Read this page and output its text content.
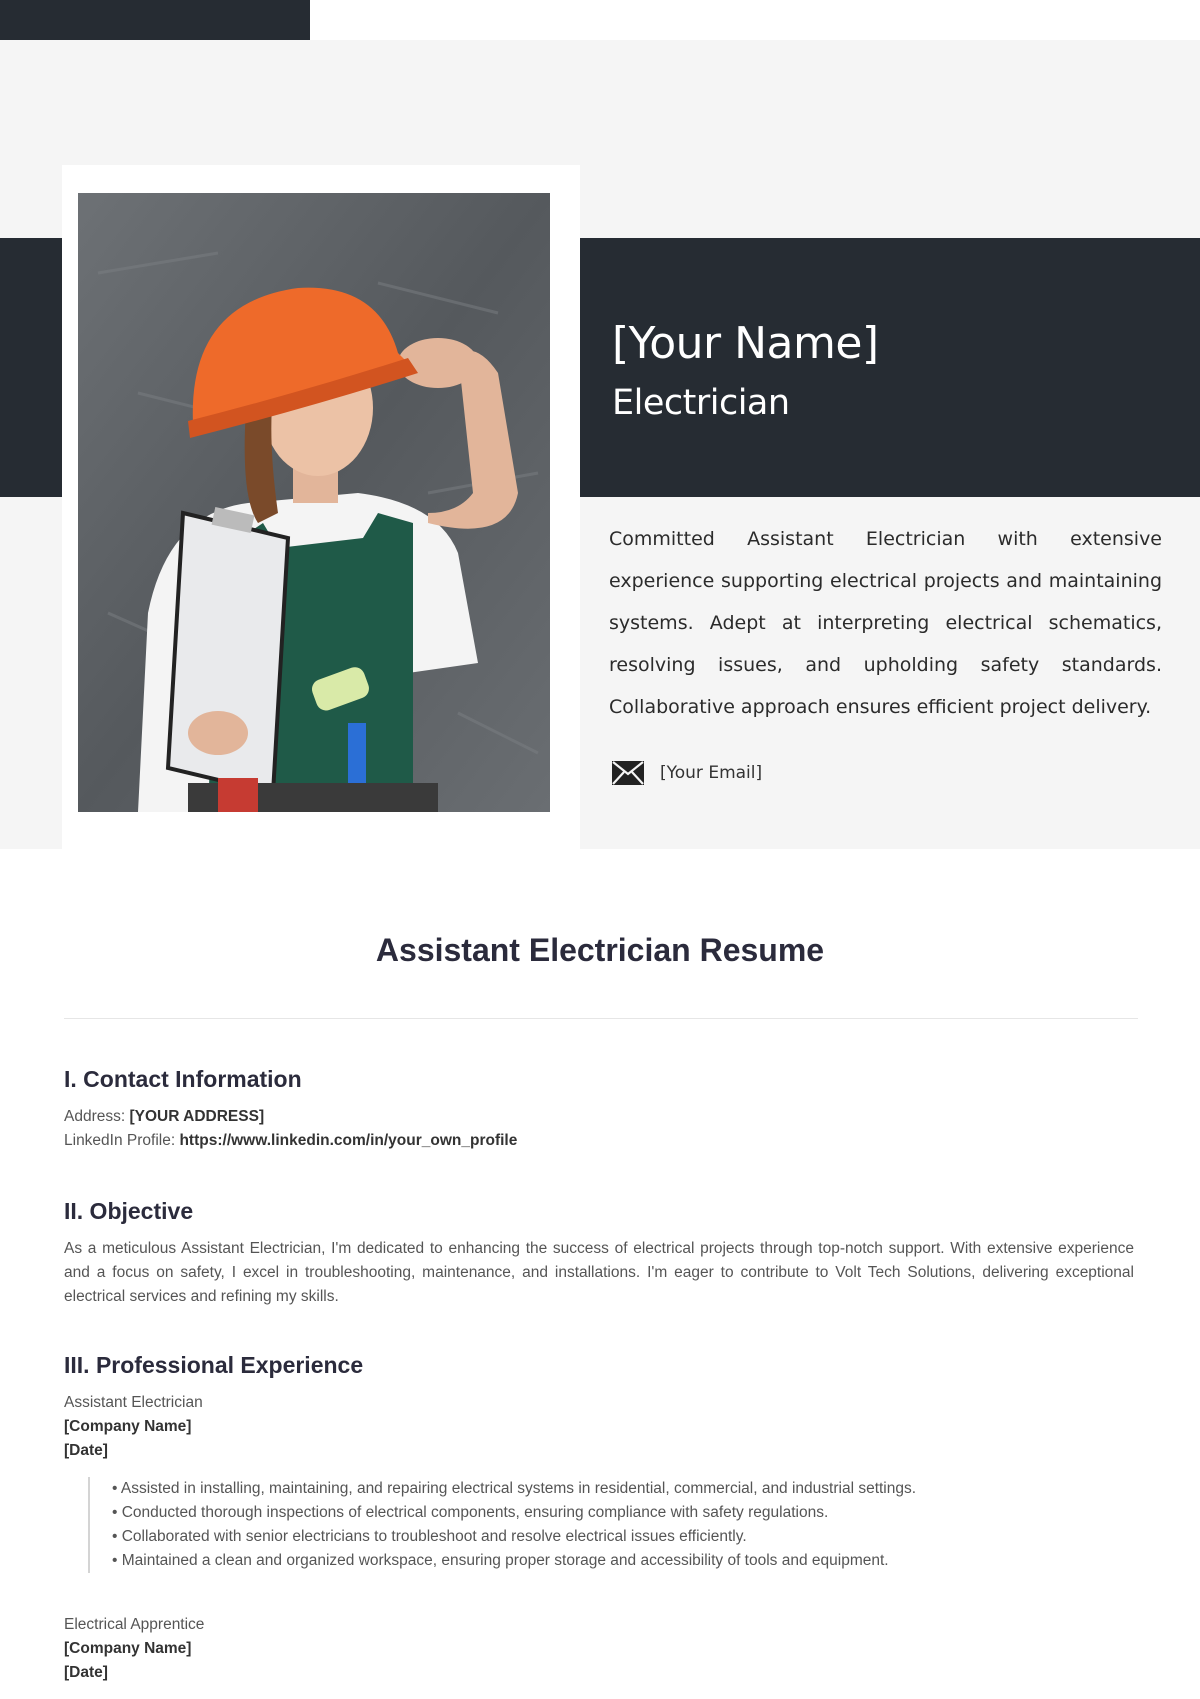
[Your Name]
Electrician
Committed Assistant Electrician with extensive experience supporting electrical projects and maintaining systems. Adept at interpreting electrical schematics, resolving issues, and upholding safety standards. Collaborative approach ensures efficient project delivery.
[Your Email]
Assistant Electrician Resume
I. Contact Information
Address: [YOUR ADDRESS]
LinkedIn Profile: https://www.linkedin.com/in/your_own_profile
II. Objective
As a meticulous Assistant Electrician, I'm dedicated to enhancing the success of electrical projects through top-notch support. With extensive experience and a focus on safety, I excel in troubleshooting, maintenance, and installations. I'm eager to contribute to Volt Tech Solutions, delivering exceptional electrical services and refining my skills.
III. Professional Experience
Assistant Electrician
[Company Name]
[Date]
• Assisted in installing, maintaining, and repairing electrical systems in residential, commercial, and industrial settings.
• Conducted thorough inspections of electrical components, ensuring compliance with safety regulations.
• Collaborated with senior electricians to troubleshoot and resolve electrical issues efficiently.
• Maintained a clean and organized workspace, ensuring proper storage and accessibility of tools and equipment.
Electrical Apprentice
[Company Name]
[Date]
